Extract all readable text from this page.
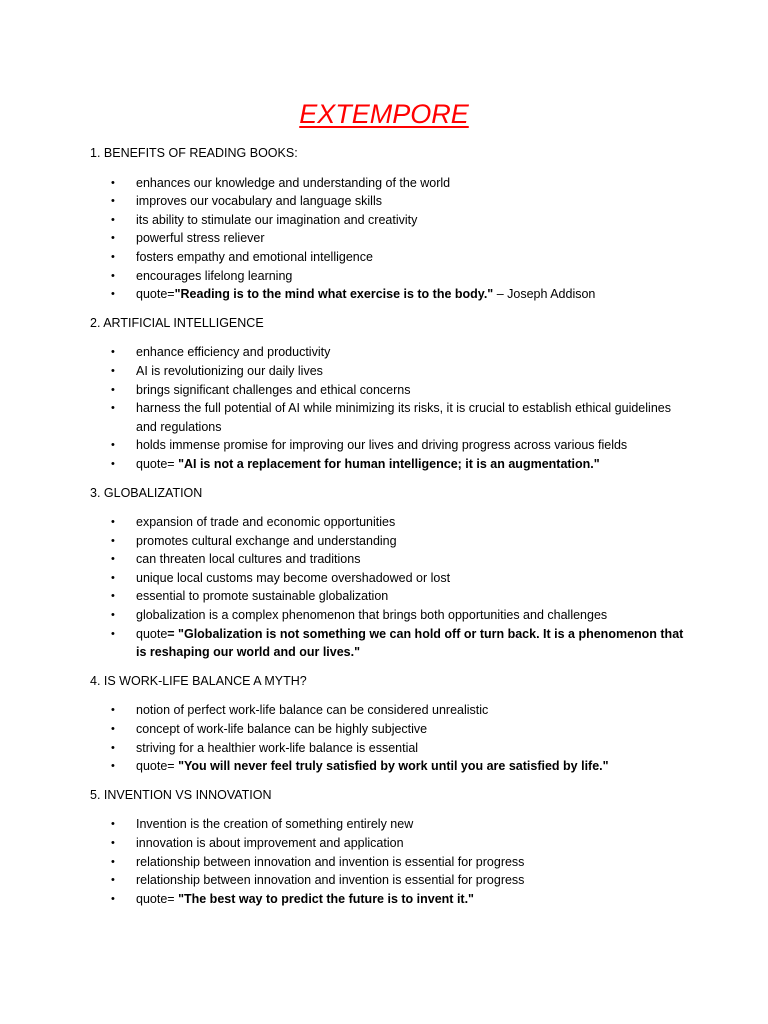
EXTEMPORE

1. BENEFITS OF READING BOOKS:

• enhances our knowledge and understanding of the world
• improves our vocabulary and language skills
• its ability to stimulate our imagination and creativity
• powerful stress reliever
• fosters empathy and emotional intelligence
• encourages lifelong learning
• quote="Reading is to the mind what exercise is to the body." – Joseph Addison

2. ARTIFICIAL INTELLIGENCE

• enhance efficiency and productivity
• AI is revolutionizing our daily lives
• brings significant challenges and ethical concerns
• harness the full potential of AI while minimizing its risks, it is crucial to establish ethical guidelines and regulations
• holds immense promise for improving our lives and driving progress across various fields
• quote= "AI is not a replacement for human intelligence; it is an augmentation."

3. GLOBALIZATION

• expansion of trade and economic opportunities
• promotes cultural exchange and understanding
• can threaten local cultures and traditions
• unique local customs may become overshadowed or lost
• essential to promote sustainable globalization
• globalization is a complex phenomenon that brings both opportunities and challenges
• quote= "Globalization is not something we can hold off or turn back. It is a phenomenon that is reshaping our world and our lives."

4. IS WORK-LIFE BALANCE A MYTH?

• notion of perfect work-life balance can be considered unrealistic
• concept of work-life balance can be highly subjective
• striving for a healthier work-life balance is essential
• quote= "You will never feel truly satisfied by work until you are satisfied by life."

5. INVENTION VS INNOVATION

• Invention is the creation of something entirely new
• innovation is about improvement and application
• relationship between innovation and invention is essential for progress
• relationship between innovation and invention is essential for progress
• quote= "The best way to predict the future is to invent it."
